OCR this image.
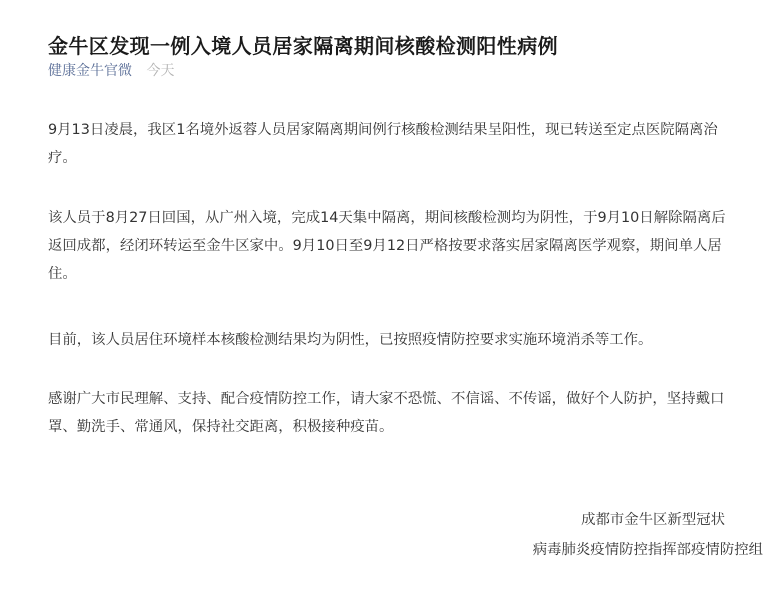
金牛区发现一例入境人员居家隔离期间核酸检测阳性病例
健康金牛官微 今天

9月13日凌晨，我区1名境外返蓉人员居家隔离期间例行核酸检测结果呈阳性，现已转送至定点医院隔离治疗。

该人员于8月27日回国，从广州入境，完成14天集中隔离，期间核酸检测均为阴性，于9月10日解除隔离后返回成都，经闭环转运至金牛区家中。9月10日至9月12日严格按要求落实居家隔离医学观察，期间单人居住。

目前，该人员居住环境样本核酸检测结果均为阴性，已按照疫情防控要求实施环境消杀等工作。

感谢广大市民理解、支持、配合疫情防控工作，请大家不恐慌、不信谣、不传谣，做好个人防护，坚持戴口罩、勤洗手、常通风，保持社交距离，积极接种疫苗。

成都市金牛区新型冠状
病毒肺炎疫情防控指挥部疫情防控组
